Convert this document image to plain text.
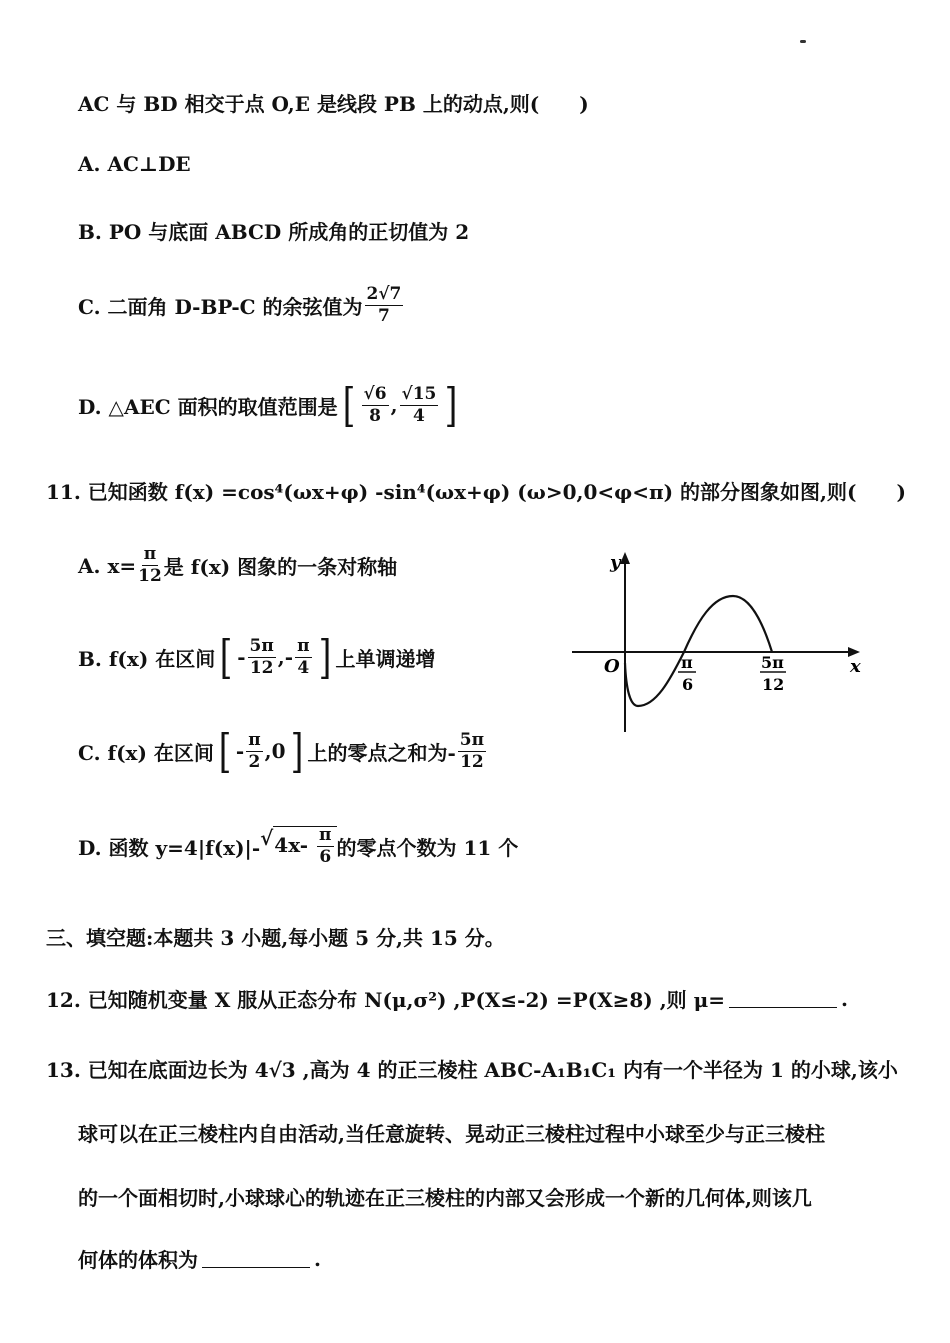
AC 与 BD 相交于点 O,E 是线段 PB 上的动点,则(　　)
A. AC⊥DE
B. PO 与底面 ABCD 所成角的正切值为 2
C. 二面角 D-BP-C 的余弦值为 $\frac{2√7}{7}$
D. △AEC 面积的取值范围是 [ $\frac{√6}{8}$ , $\frac{√15}{4}$ ]
11. 已知函数 f(x) =cos⁴(ωx+φ) -sin⁴(ωx+φ) (ω>0,0<φ<π) 的部分图象如图,则(　　)
A. $x= \frac{\pi}{12}$ 是 f(x) 图象的一条对称轴
B. f(x) 在区间 [ - $\frac{5\pi}{12}$ ,- $\frac{\pi}{4}$ ] 上单调递增
C. f(x) 在区间 [ - $\frac{\pi}{2} ,0$ ] 上的零点之和为- $\frac{5\pi}{12}$
D. 函数 y=4|f(x)|- √ $4x- \frac{\pi}{6}$ 的零点个数为 11 个
y
x
O	π
6
5π
12
三、填空题:本题共 3 小题,每小题 5 分,共 15 分。
12. 已知随机变量 X 服从正态分布 N(μ,σ²) ,P(X≤-2) =P(X≥8) ,则 μ=	.
13. 已知在底面边长为 4√3 ,高为 4 的正三棱柱 ABC-A₁B₁C₁ 内有一个半径为 1 的小球,该小
球可以在正三棱柱内自由活动,当任意旋转、晃动正三棱柱过程中小球至少与正三棱柱
的一个面相切时,小球球心的轨迹在正三棱柱的内部又会形成一个新的几何体,则该几
何体的体积为	.
